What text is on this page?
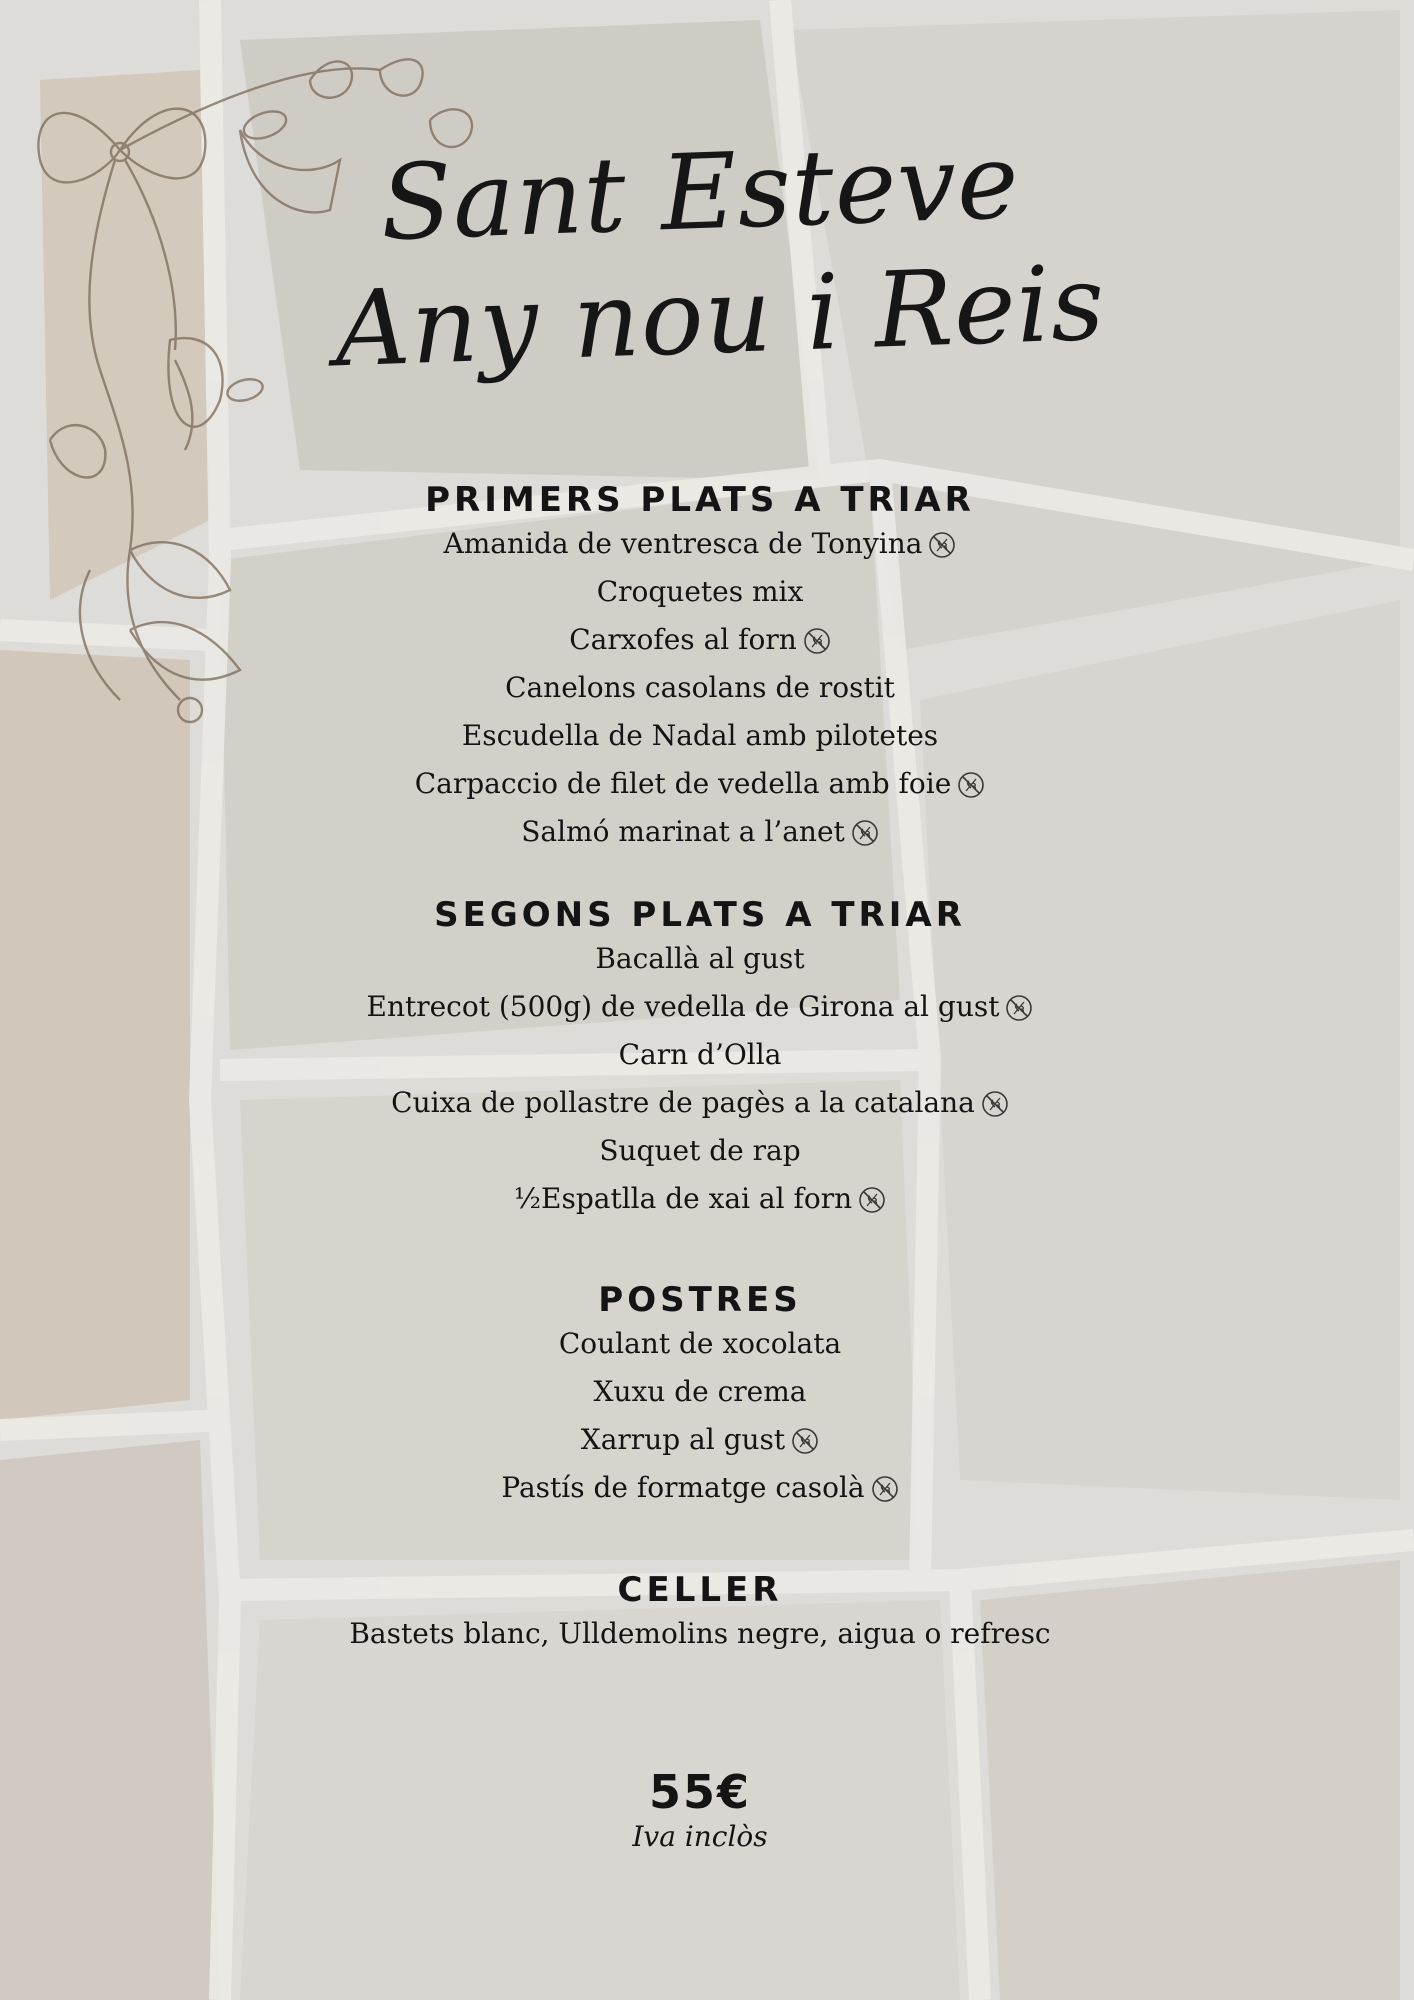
Sant Esteve
Any nou i Reis
PRIMERS PLATS A TRIAR
Amanida de ventresca de Tonyina
Croquetes mix
Carxofes al forn
Canelons casolans de rostit
Escudella de Nadal amb pilotetes
Carpaccio de filet de vedella amb foie
Salmó marinat a l’anet
SEGONS PLATS A TRIAR
Bacallà al gust
Entrecot (500g) de vedella de Girona al gust
Carn d’Olla
Cuixa de pollastre de pagès a la catalana
Suquet de rap
½Espatlla de xai al forn
POSTRES
Coulant de xocolata
Xuxu de crema
Xarrup al gust
Pastís de formatge casolà
CELLER
Bastets blanc, Ulldemolins negre, aigua o refresc
55€
Iva inclòs
